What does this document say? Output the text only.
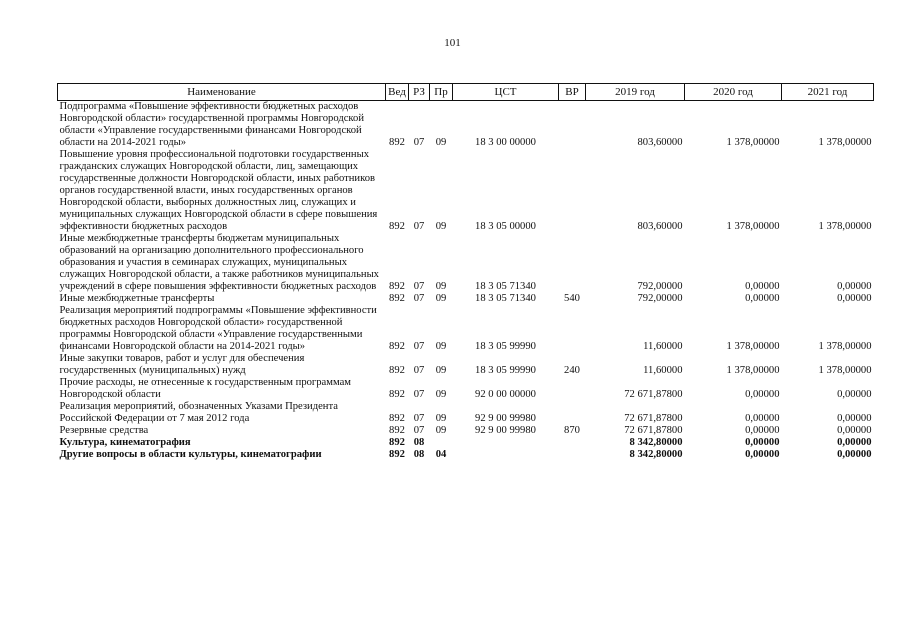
101
Наименование	Вед	РЗ	Пр	ЦСТ	ВР	2019 год	2020 год	2021 год
Подпрограмма «Повышение эффективности бюджетных расходов Новгородской области» государственной программы Новгородской области «Управление государственными финансами Новгородской области на 2014-2021 годы»	892	07	09	18 3 00 00000		803,60000	1 378,00000	1 378,00000
Повышение уровня профессиональной подготовки государственных гражданских служащих Новгородской области, лиц, замещающих государственные должности Новгородской области, иных работников органов государственной власти, иных государственных органов Новгородской области, выборных должностных лиц, служащих и муниципальных служащих Новгородской области в сфере повышения эффективности бюджетных расходов	892	07	09	18 3 05 00000		803,60000	1 378,00000	1 378,00000
Иные межбюджетные трансферты бюджетам муниципальных образований на организацию дополнительного профессионального образования и участия в семинарах служащих, муниципальных служащих Новгородской области, а также работников муниципальных учреждений в сфере повышения эффективности бюджетных расходов	892	07	09	18 3 05 71340		792,00000	0,00000	0,00000
Иные межбюджетные трансферты	892	07	09	18 3 05 71340	540	792,00000	0,00000	0,00000
Реализация мероприятий подпрограммы «Повышение эффективности бюджетных расходов Новгородской области» государственной программы Новгородской области «Управление государственными финансами Новгородской области на 2014-2021 годы»	892	07	09	18 3 05 99990		11,60000	1 378,00000	1 378,00000
Иные закупки товаров, работ и услуг для обеспечения государственных (муниципальных) нужд	892	07	09	18 3 05 99990	240	11,60000	1 378,00000	1 378,00000
Прочие расходы, не отнесенные к государственным программам Новгородской области	892	07	09	92 0 00 00000		72 671,87800	0,00000	0,00000
Реализация мероприятий, обозначенных Указами Президента Российской Федерации от 7 мая 2012 года	892	07	09	92 9 00 99980		72 671,87800	0,00000	0,00000
Резервные средства	892	07	09	92 9 00 99980	870	72 671,87800	0,00000	0,00000
Культура, кинематография	892	08				8 342,80000	0,00000	0,00000
Другие вопросы в области культуры, кинематографии	892	08	04			8 342,80000	0,00000	0,00000
